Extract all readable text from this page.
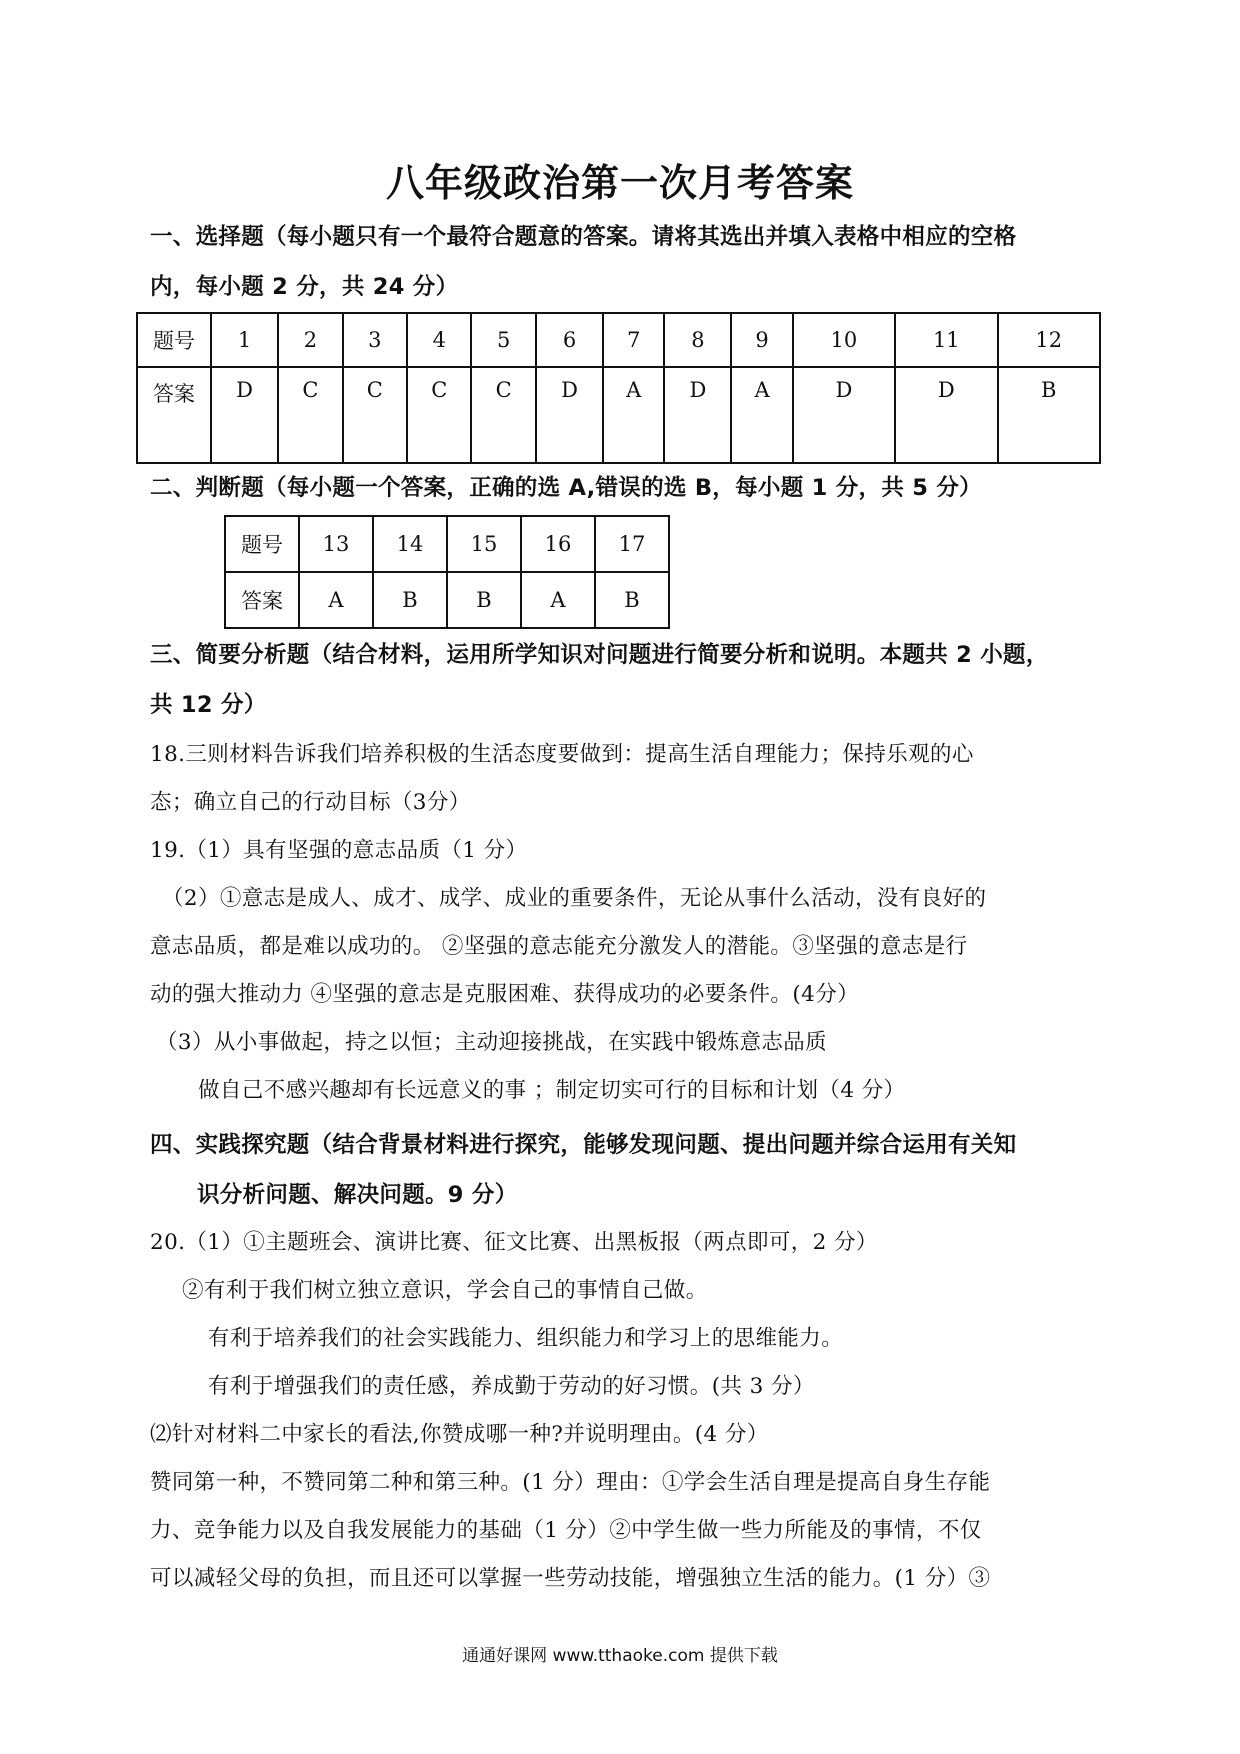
八年级政治第一次月考答案
一、选择题（每小题只有一个最符合题意的答案。请将其选出并填入表格中相应的空格
内，每小题 2 分，共 24 分）
题号	1	2	3	4	5	6	7	8	9	10	11	12
答案	D	C	C	C	C	D	A	D	A	D	D	B
二、判断题（每小题一个答案，正确的选 A,错误的选 B，每小题 1 分，共 5 分）
题号	13	14	15	16	17
答案	A	B	B	A	B
三、简要分析题（结合材料，运用所学知识对问题进行简要分析和说明。本题共 2 小题，
共 12 分）
18.三则材料告诉我们培养积极的生活态度要做到：提高生活自理能力；保持乐观的心
态；确立自己的行动目标（3分）
19.（1）具有坚强的意志品质（1 分）
（2）①意志是成人、成才、成学、成业的重要条件，无论从事什么活动，没有良好的
意志品质，都是难以成功的。 ②坚强的意志能充分激发人的潜能。③坚强的意志是行
动的强大推动力 ④坚强的意志是克服困难、获得成功的必要条件。(4分）
（3）从小事做起，持之以恒；主动迎接挑战，在实践中锻炼意志品质
做自己不感兴趣却有长远意义的事 ；制定切实可行的目标和计划（4 分）
四、实践探究题（结合背景材料进行探究，能够发现问题、提出问题并综合运用有关知
识分析问题、解决问题。9 分）
20.（1）①主题班会、演讲比赛、征文比赛、出黑板报（两点即可，2 分）
②有利于我们树立独立意识，学会自己的事情自己做。
有利于培养我们的社会实践能力、组织能力和学习上的思维能力。
有利于增强我们的责任感，养成勤于劳动的好习惯。(共 3 分）
⑵针对材料二中家长的看法,你赞成哪一种?并说明理由。(4 分）
赞同第一种，不赞同第二种和第三种。(1 分）理由：①学会生活自理是提高自身生存能
力、竞争能力以及自我发展能力的基础（1 分）②中学生做一些力所能及的事情，不仅
可以减轻父母的负担，而且还可以掌握一些劳动技能，增强独立生活的能力。(1 分）③
通通好课网 www.tthaoke.com 提供下载
